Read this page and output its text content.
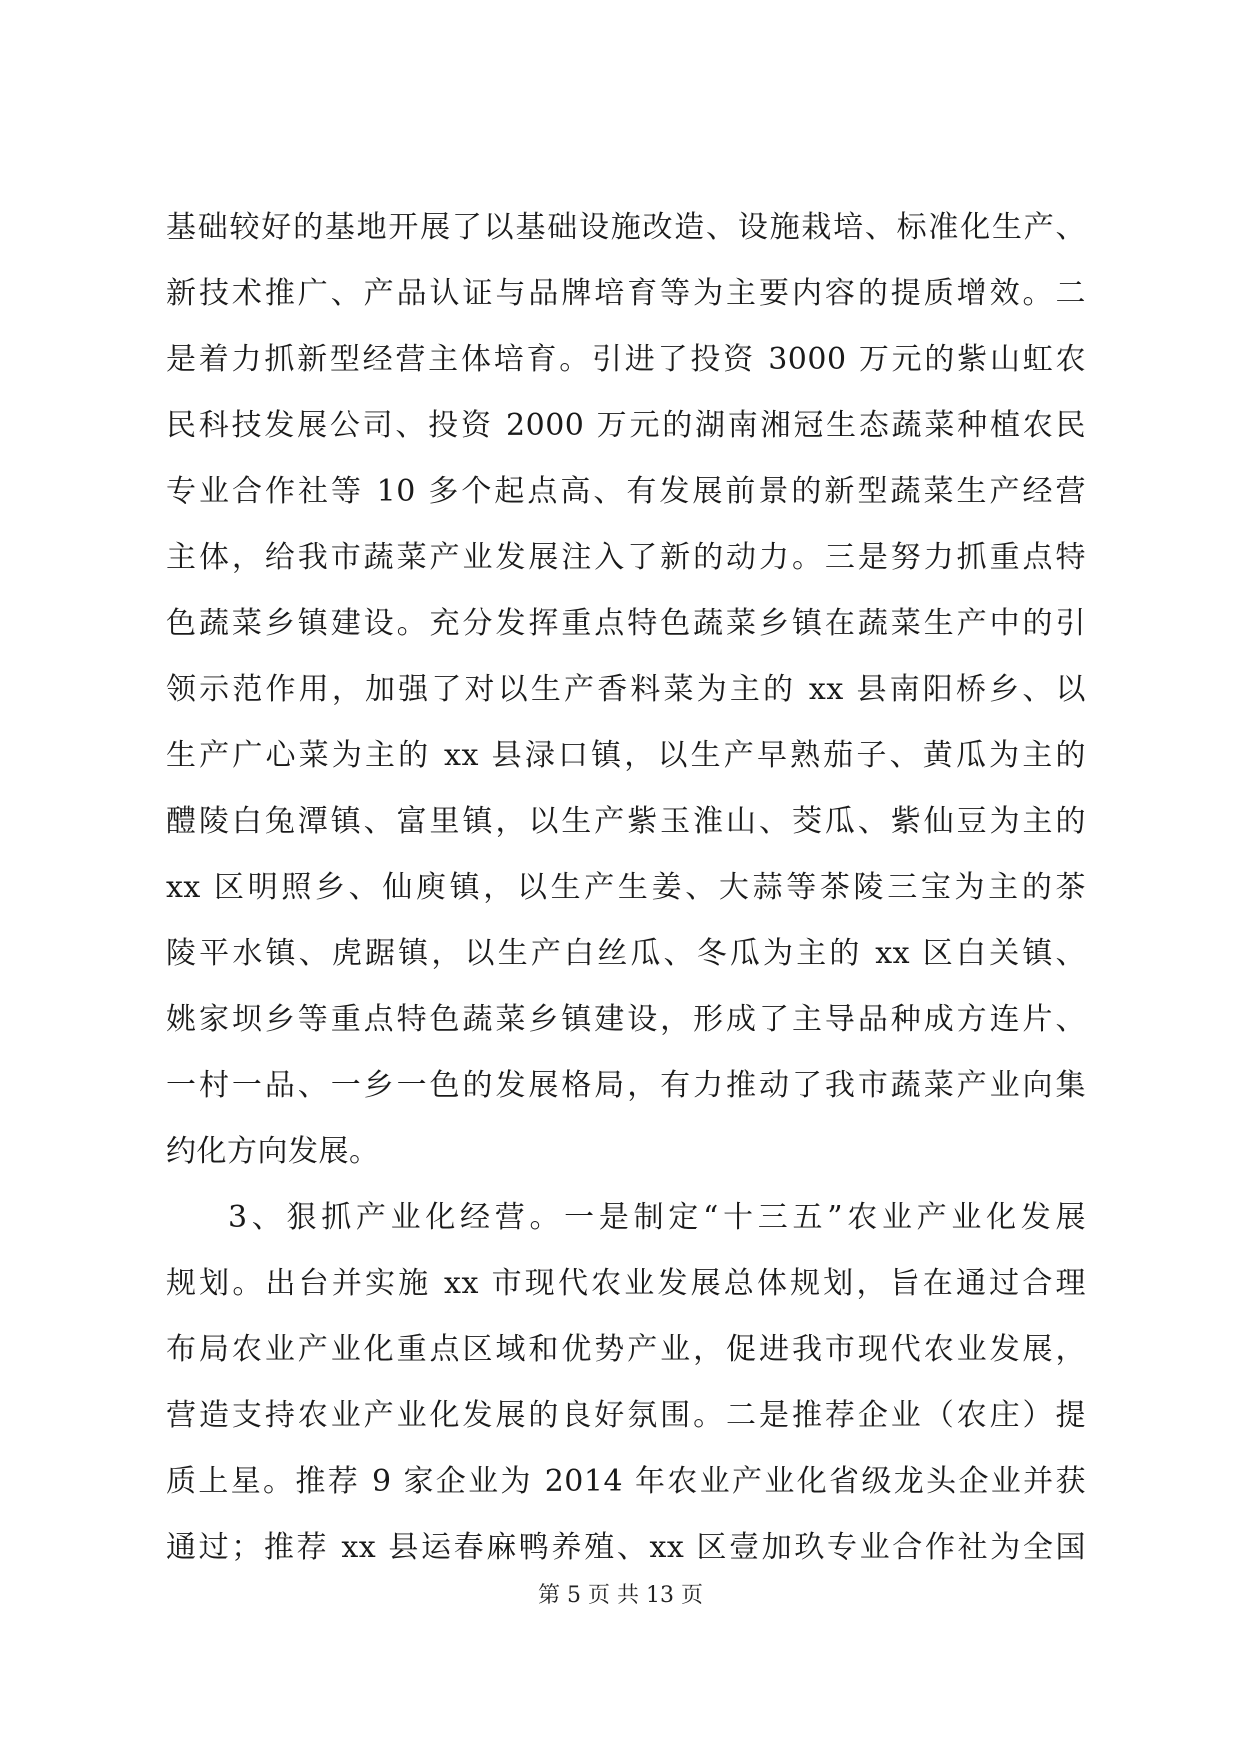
基础较好的基地开展了以基础设施改造、设施栽培、标准化生产、
新技术推广、产品认证与品牌培育等为主要内容的提质增效。二
是着力抓新型经营主体培育。引进了投资 3000 万元的紫山虹农
民科技发展公司、投资 2000 万元的湖南湘冠生态蔬菜种植农民
专业合作社等 10 多个起点高、有发展前景的新型蔬菜生产经营
主体，给我市蔬菜产业发展注入了新的动力。三是努力抓重点特
色蔬菜乡镇建设。充分发挥重点特色蔬菜乡镇在蔬菜生产中的引
领示范作用，加强了对以生产香料菜为主的 xx 县南阳桥乡、以
生产广心菜为主的 xx 县渌口镇，以生产早熟茄子、黄瓜为主的
醴陵白兔潭镇、富里镇，以生产紫玉淮山、茭瓜、紫仙豆为主的
xx 区明照乡、仙庾镇，以生产生姜、大蒜等茶陵三宝为主的茶
陵平水镇、虎踞镇，以生产白丝瓜、冬瓜为主的 xx 区白关镇、
姚家坝乡等重点特色蔬菜乡镇建设，形成了主导品种成方连片、
一村一品、一乡一色的发展格局，有力推动了我市蔬菜产业向集
约化方向发展。
3、狠抓产业化经营。一是制定“十三五”农业产业化发展
规划。出台并实施 xx 市现代农业发展总体规划，旨在通过合理
布局农业产业化重点区域和优势产业，促进我市现代农业发展，
营造支持农业产业化发展的良好氛围。二是推荐企业（农庄）提
质上星。推荐 9 家企业为 2014 年农业产业化省级龙头企业并获
通过；推荐 xx 县运春麻鸭养殖、xx 区壹加玖专业合作社为全国
第 5 页 共 13 页
